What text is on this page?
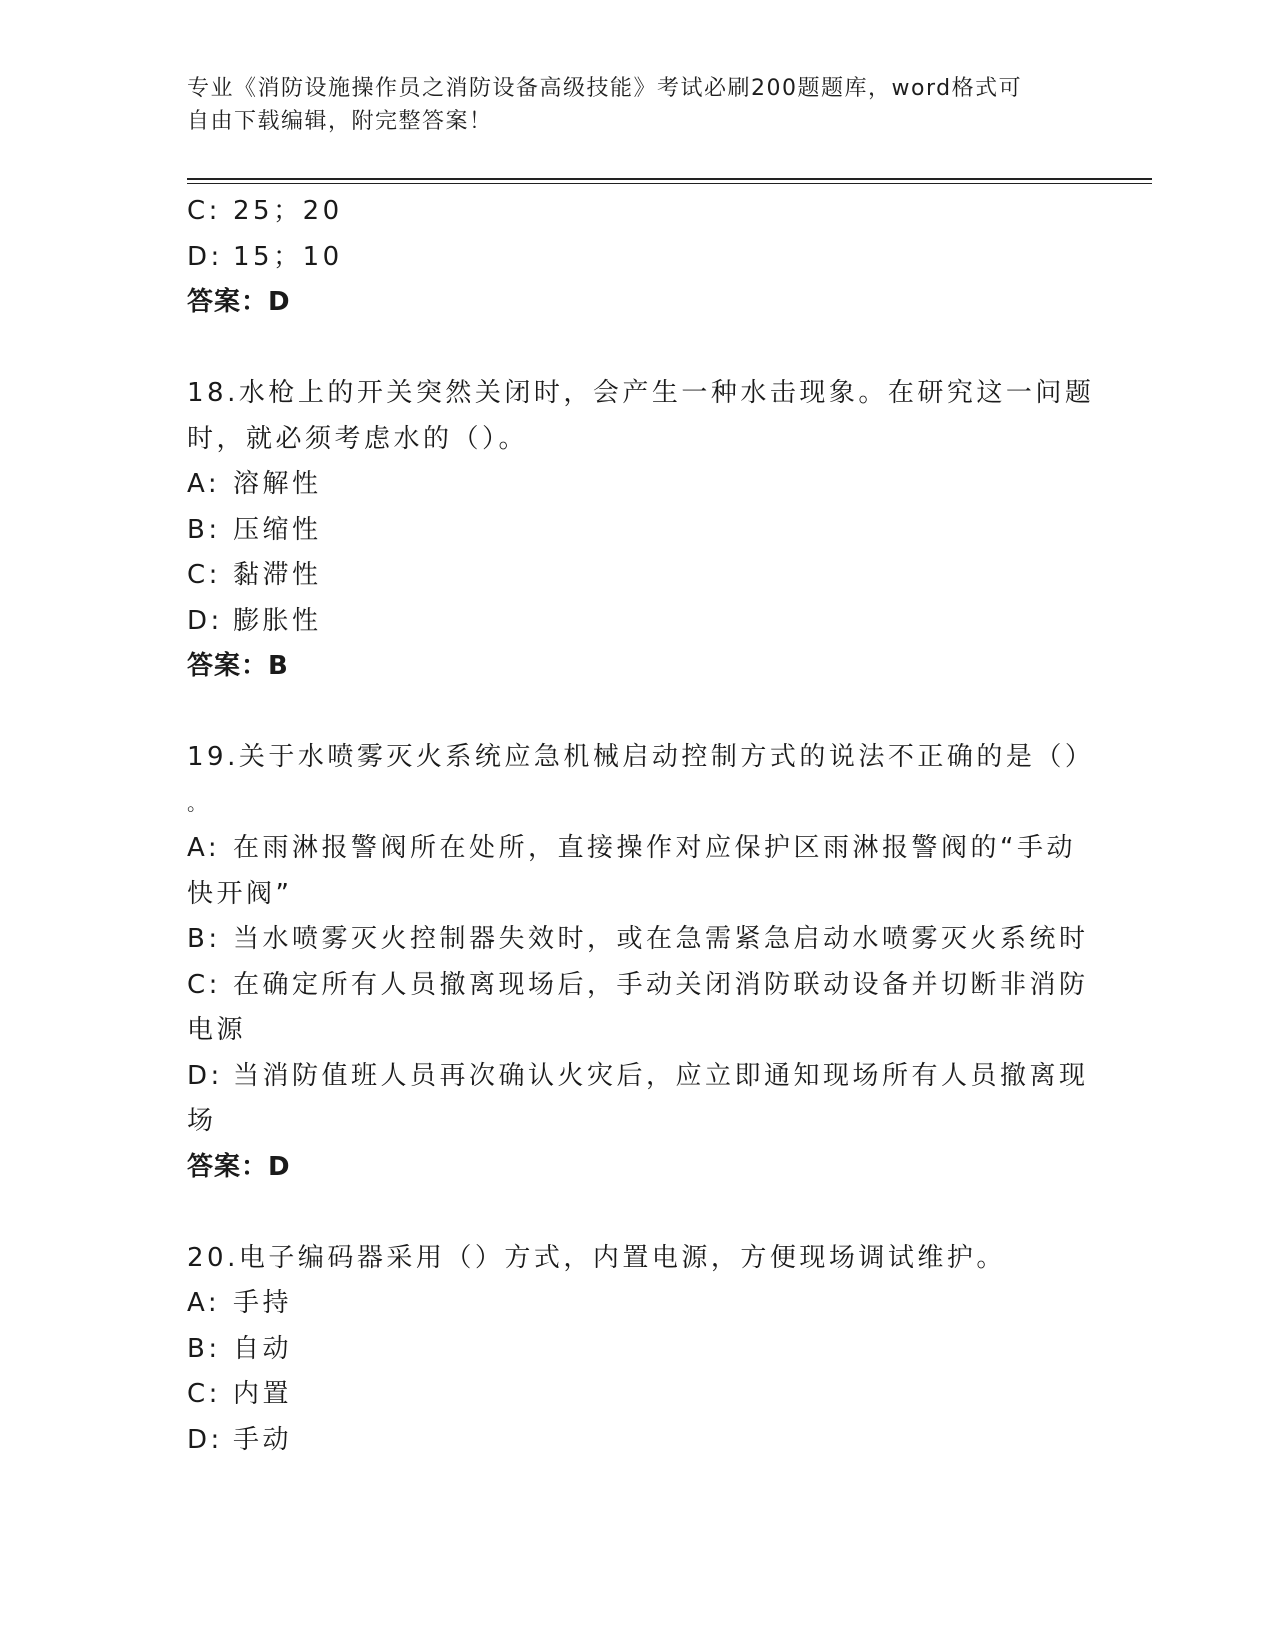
专业《消防设施操作员之消防设备高级技能》考试必刷200题题库，word格式可
自由下载编辑，附完整答案！
C: 25；20
D: 15；10
答案：D
18.水枪上的开关突然关闭时，会产生一种水击现象。在研究这一问题
时，就必须考虑水的（）。
A: 溶解性
B: 压缩性
C: 黏滞性
D: 膨胀性
答案：B
19.关于水喷雾灭火系统应急机械启动控制方式的说法不正确的是（）
。
A: 在雨淋报警阀所在处所，直接操作对应保护区雨淋报警阀的“手动
快开阀”
B: 当水喷雾灭火控制器失效时，或在急需紧急启动水喷雾灭火系统时
C: 在确定所有人员撤离现场后，手动关闭消防联动设备并切断非消防
电源
D: 当消防值班人员再次确认火灾后，应立即通知现场所有人员撤离现
场
答案：D
20.电子编码器采用（）方式，内置电源，方便现场调试维护。
A: 手持
B: 自动
C: 内置
D: 手动
